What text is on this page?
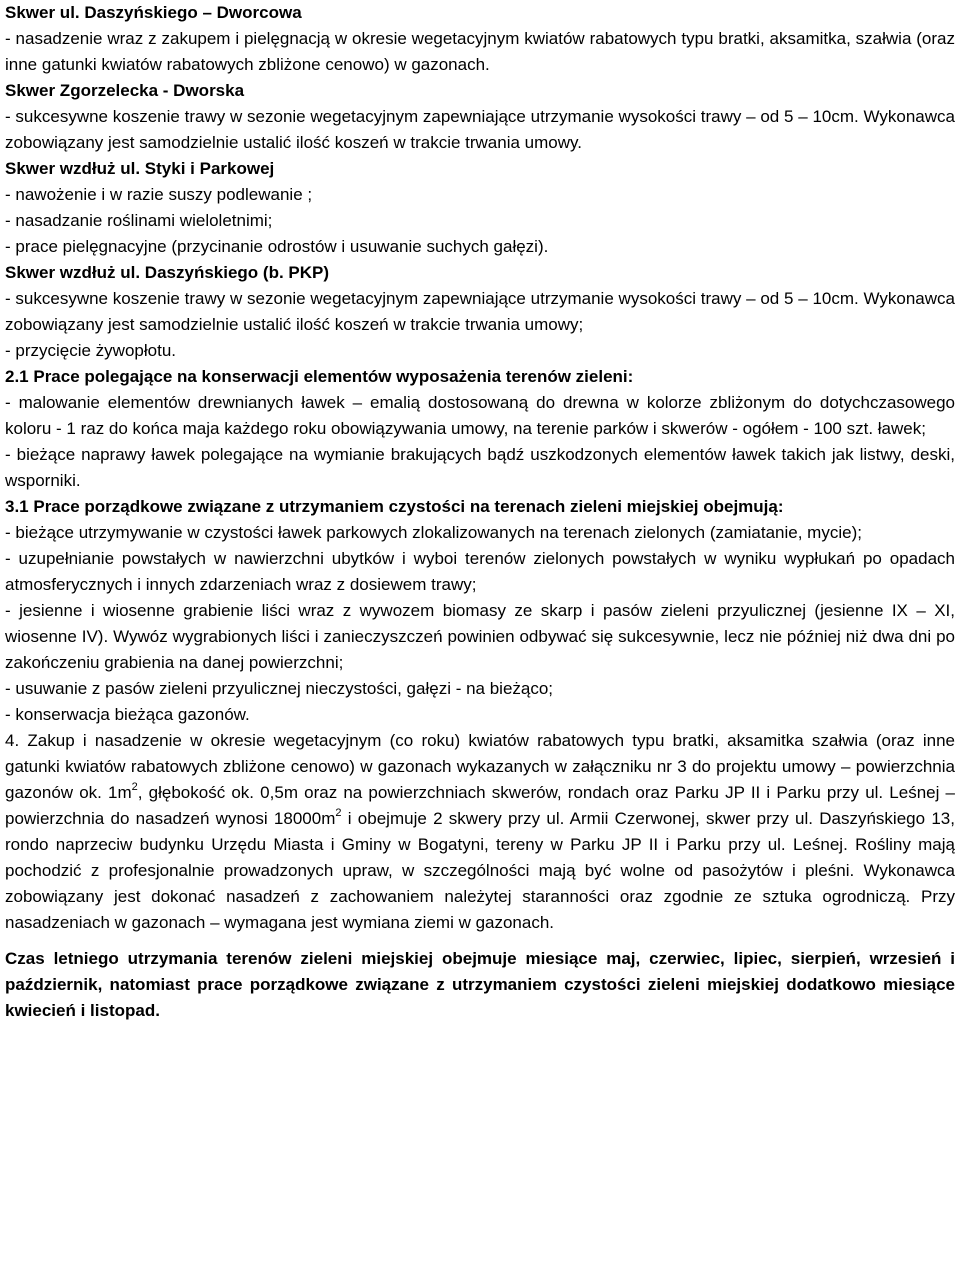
Skwer ul. Daszyńskiego – Dworcowa

- nasadzenie wraz z zakupem i pielęgnacją w okresie wegetacyjnym kwiatów rabatowych typu bratki, aksamitka, szałwia (oraz inne gatunki kwiatów rabatowych zbliżone cenowo) w gazonach.

Skwer Zgorzelecka - Dworska

- sukcesywne koszenie trawy w sezonie wegetacyjnym zapewniające utrzymanie wysokości trawy – od 5 – 10cm. Wykonawca zobowiązany jest samodzielnie ustalić ilość koszeń w trakcie trwania umowy.

Skwer wzdłuż ul. Styki i Parkowej

- nawożenie i w razie suszy podlewanie ;

- nasadzanie roślinami wieloletnimi;

- prace pielęgnacyjne (przycinanie odrostów i usuwanie suchych gałęzi).

Skwer wzdłuż ul. Daszyńskiego (b. PKP)

- sukcesywne koszenie trawy w sezonie wegetacyjnym zapewniające utrzymanie wysokości trawy – od 5 – 10cm. Wykonawca zobowiązany jest samodzielnie ustalić ilość koszeń w trakcie trwania umowy;

- przycięcie żywopłotu.

2.1 Prace polegające na konserwacji elementów wyposażenia terenów zieleni:

- malowanie elementów drewnianych ławek – emalią dostosowaną do drewna w kolorze zbliżonym do dotychczasowego koloru - 1 raz do końca maja każdego roku obowiązywania umowy, na terenie parków i skwerów - ogółem - 100 szt. ławek;

- bieżące naprawy ławek polegające na wymianie brakujących bądź uszkodzonych elementów ławek takich jak listwy, deski, wsporniki.

3.1 Prace porządkowe związane z utrzymaniem czystości na terenach zieleni miejskiej obejmują:

- bieżące utrzymywanie w czystości ławek parkowych zlokalizowanych na terenach zielonych (zamiatanie, mycie);

- uzupełnianie powstałych w nawierzchni ubytków i wyboi terenów zielonych powstałych w wyniku wypłukań po opadach atmosferycznych i innych zdarzeniach wraz z dosiewem trawy;

- jesienne i wiosenne grabienie liści wraz z wywozem biomasy ze skarp i pasów zieleni przyulicznej (jesienne IX – XI, wiosenne IV). Wywóz wygrabionych liści i zanieczyszczeń powinien odbywać się sukcesywnie, lecz nie później niż dwa dni po zakończeniu grabienia na danej powierzchni;

- usuwanie z pasów zieleni przyulicznej nieczystości, gałęzi - na bieżąco;

- konserwacja bieżąca gazonów.

4. Zakup i nasadzenie w okresie wegetacyjnym (co roku) kwiatów rabatowych typu bratki, aksamitka szałwia (oraz inne gatunki kwiatów rabatowych zbliżone cenowo) w gazonach wykazanych w załączniku nr 3 do projektu umowy – powierzchnia gazonów ok. $1m^2$, głębokość ok. 0,5m oraz na powierzchniach skwerów, rondach oraz Parku JP II i Parku przy ul. Leśnej – powierzchnia do nasadzeń wynosi $18000m^2$ i obejmuje 2 skwery przy ul. Armii Czerwonej, skwer przy ul. Daszyńskiego 13, rondo naprzeciw budynku Urzędu Miasta i Gminy w Bogatyni, tereny w Parku JP II i Parku przy ul. Leśnej. Rośliny mają pochodzić z profesjonalnie prowadzonych upraw, w szczególności mają być wolne od pasożytów i pleśni. Wykonawca zobowiązany jest dokonać nasadzeń z zachowaniem należytej staranności oraz zgodnie ze sztuka ogrodniczą. Przy nasadzeniach w gazonach – wymagana jest wymiana ziemi w gazonach.

Czas letniego utrzymania terenów zieleni miejskiej obejmuje miesiące maj, czerwiec, lipiec, sierpień, wrzesień i październik, natomiast prace porządkowe związane z utrzymaniem czystości zieleni miejskiej dodatkowo miesiące kwiecień i listopad.
